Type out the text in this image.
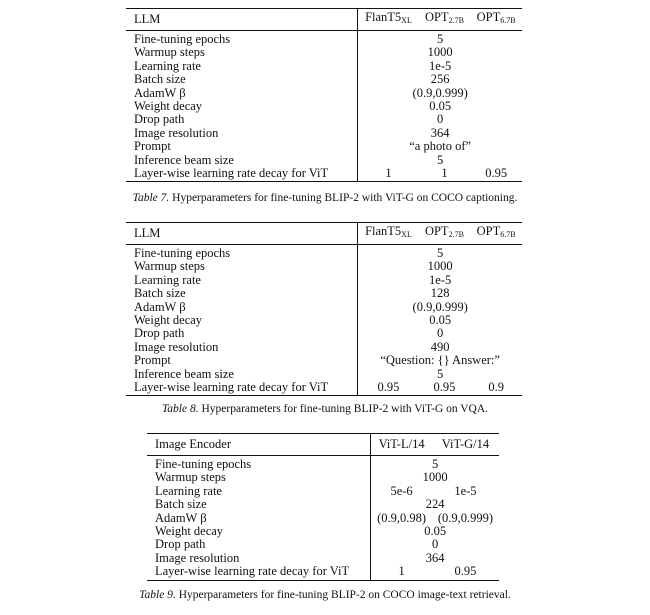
LLM	$FlanT5_{XL}$	$OPT_{2.7B}$	$OPT_{6.7B}$
Fine-tuning epochs	5		
Warmup steps	1000		
Learning rate	1e-5		
Batch size	256		
AdamW β	(0.9,0.999)		
Weight decay	0.05		
Drop path	0		
Image resolution	364		
Prompt	“a photo of”		
Inference beam size	5		
Layer-wise learning rate decay for ViT	1	1	0.95
Table 7. Hyperparameters for fine-tuning BLIP-2 with ViT-G on COCO captioning.
LLM	$FlanT5_{XL}$	$OPT_{2.7B}$	$OPT_{6.7B}$
Fine-tuning epochs	5		
Warmup steps	1000		
Learning rate	1e-5		
Batch size	128		
AdamW β	(0.9,0.999)		
Weight decay	0.05		
Drop path	0		
Image resolution	490		
Prompt	“Question: {} Answer:”		
Inference beam size	5		
Layer-wise learning rate decay for ViT	0.95	0.95	0.9
Table 8. Hyperparameters for fine-tuning BLIP-2 with ViT-G on VQA.
Image Encoder	ViT-L/14	ViT-G/14
Fine-tuning epochs	5	
Warmup steps	1000	
Learning rate	5e-6	1e-5
Batch size	224	
AdamW β	(0.9,0.98)	(0.9,0.999)
Weight decay	0.05	
Drop path	0	
Image resolution	364	
Layer-wise learning rate decay for ViT	1	0.95
Table 9. Hyperparameters for fine-tuning BLIP-2 on COCO image-text retrieval.
